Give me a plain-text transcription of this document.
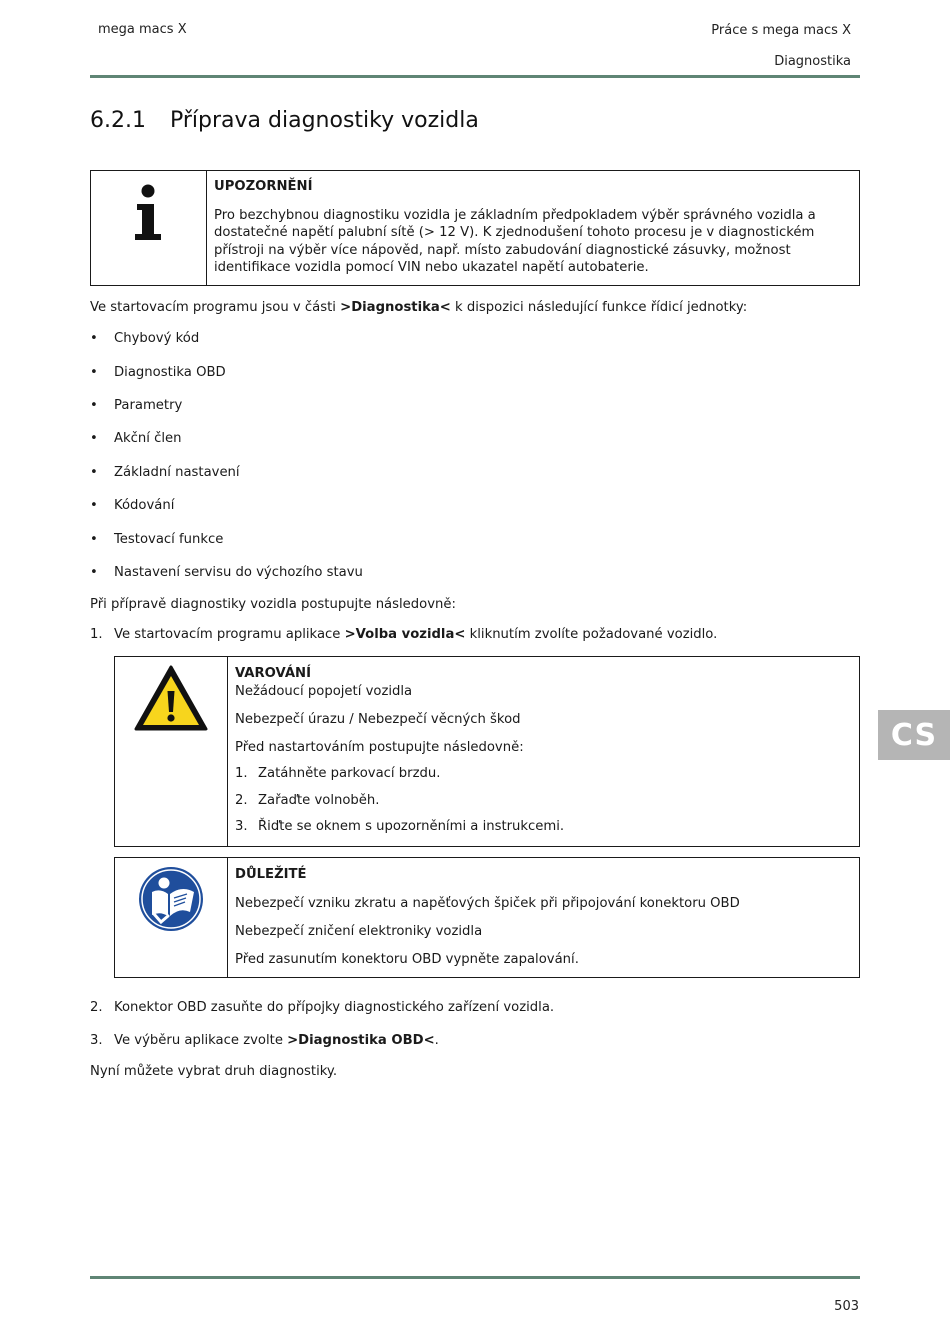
mega macs X	Práce s mega macs X
Diagnostika
6.2.1 Příprava diagnostiky vozidla
UPOZORNĚNÍ
Pro bezchybnou diagnostiku vozidla je základním předpokladem výběr správného vozidla a dostatečné napětí palubní sítě (> 12 V). K zjednodušení tohoto procesu je v diagnostickém přístroji na výběr více nápověd, např. místo zabudování diagnostické zásuvky, možnost identifikace vozidla pomocí VIN nebo ukazatel napětí autobaterie.
Ve startovacím programu jsou v části >Diagnostika< k dispozici následující funkce řídicí jednotky:
• Chybový kód
• Diagnostika OBD
• Parametry
• Akční člen
• Základní nastavení
• Kódování
• Testovací funkce
• Nastavení servisu do výchozího stavu
Při přípravě diagnostiky vozidla postupujte následovně:
1. Ve startovacím programu aplikace >Volba vozidla< kliknutím zvolíte požadované vozidlo.
VAROVÁNÍ
Nežádoucí popojetí vozidla
Nebezpečí úrazu / Nebezpečí věcných škod
Před nastartováním postupujte následovně:
1. Zatáhněte parkovací brzdu.
2. Zařaďte volnoběh.
3. Řiďte se oknem s upozorněními a instrukcemi.
DŮLEŽITÉ
Nebezpečí vzniku zkratu a napěťových špiček při připojování konektoru OBD
Nebezpečí zničení elektroniky vozidla
Před zasunutím konektoru OBD vypněte zapalování.
2. Konektor OBD zasuňte do přípojky diagnostického zařízení vozidla.
3. Ve výběru aplikace zvolte >Diagnostika OBD<.
Nyní můžete vybrat druh diagnostiky.
CS
503
